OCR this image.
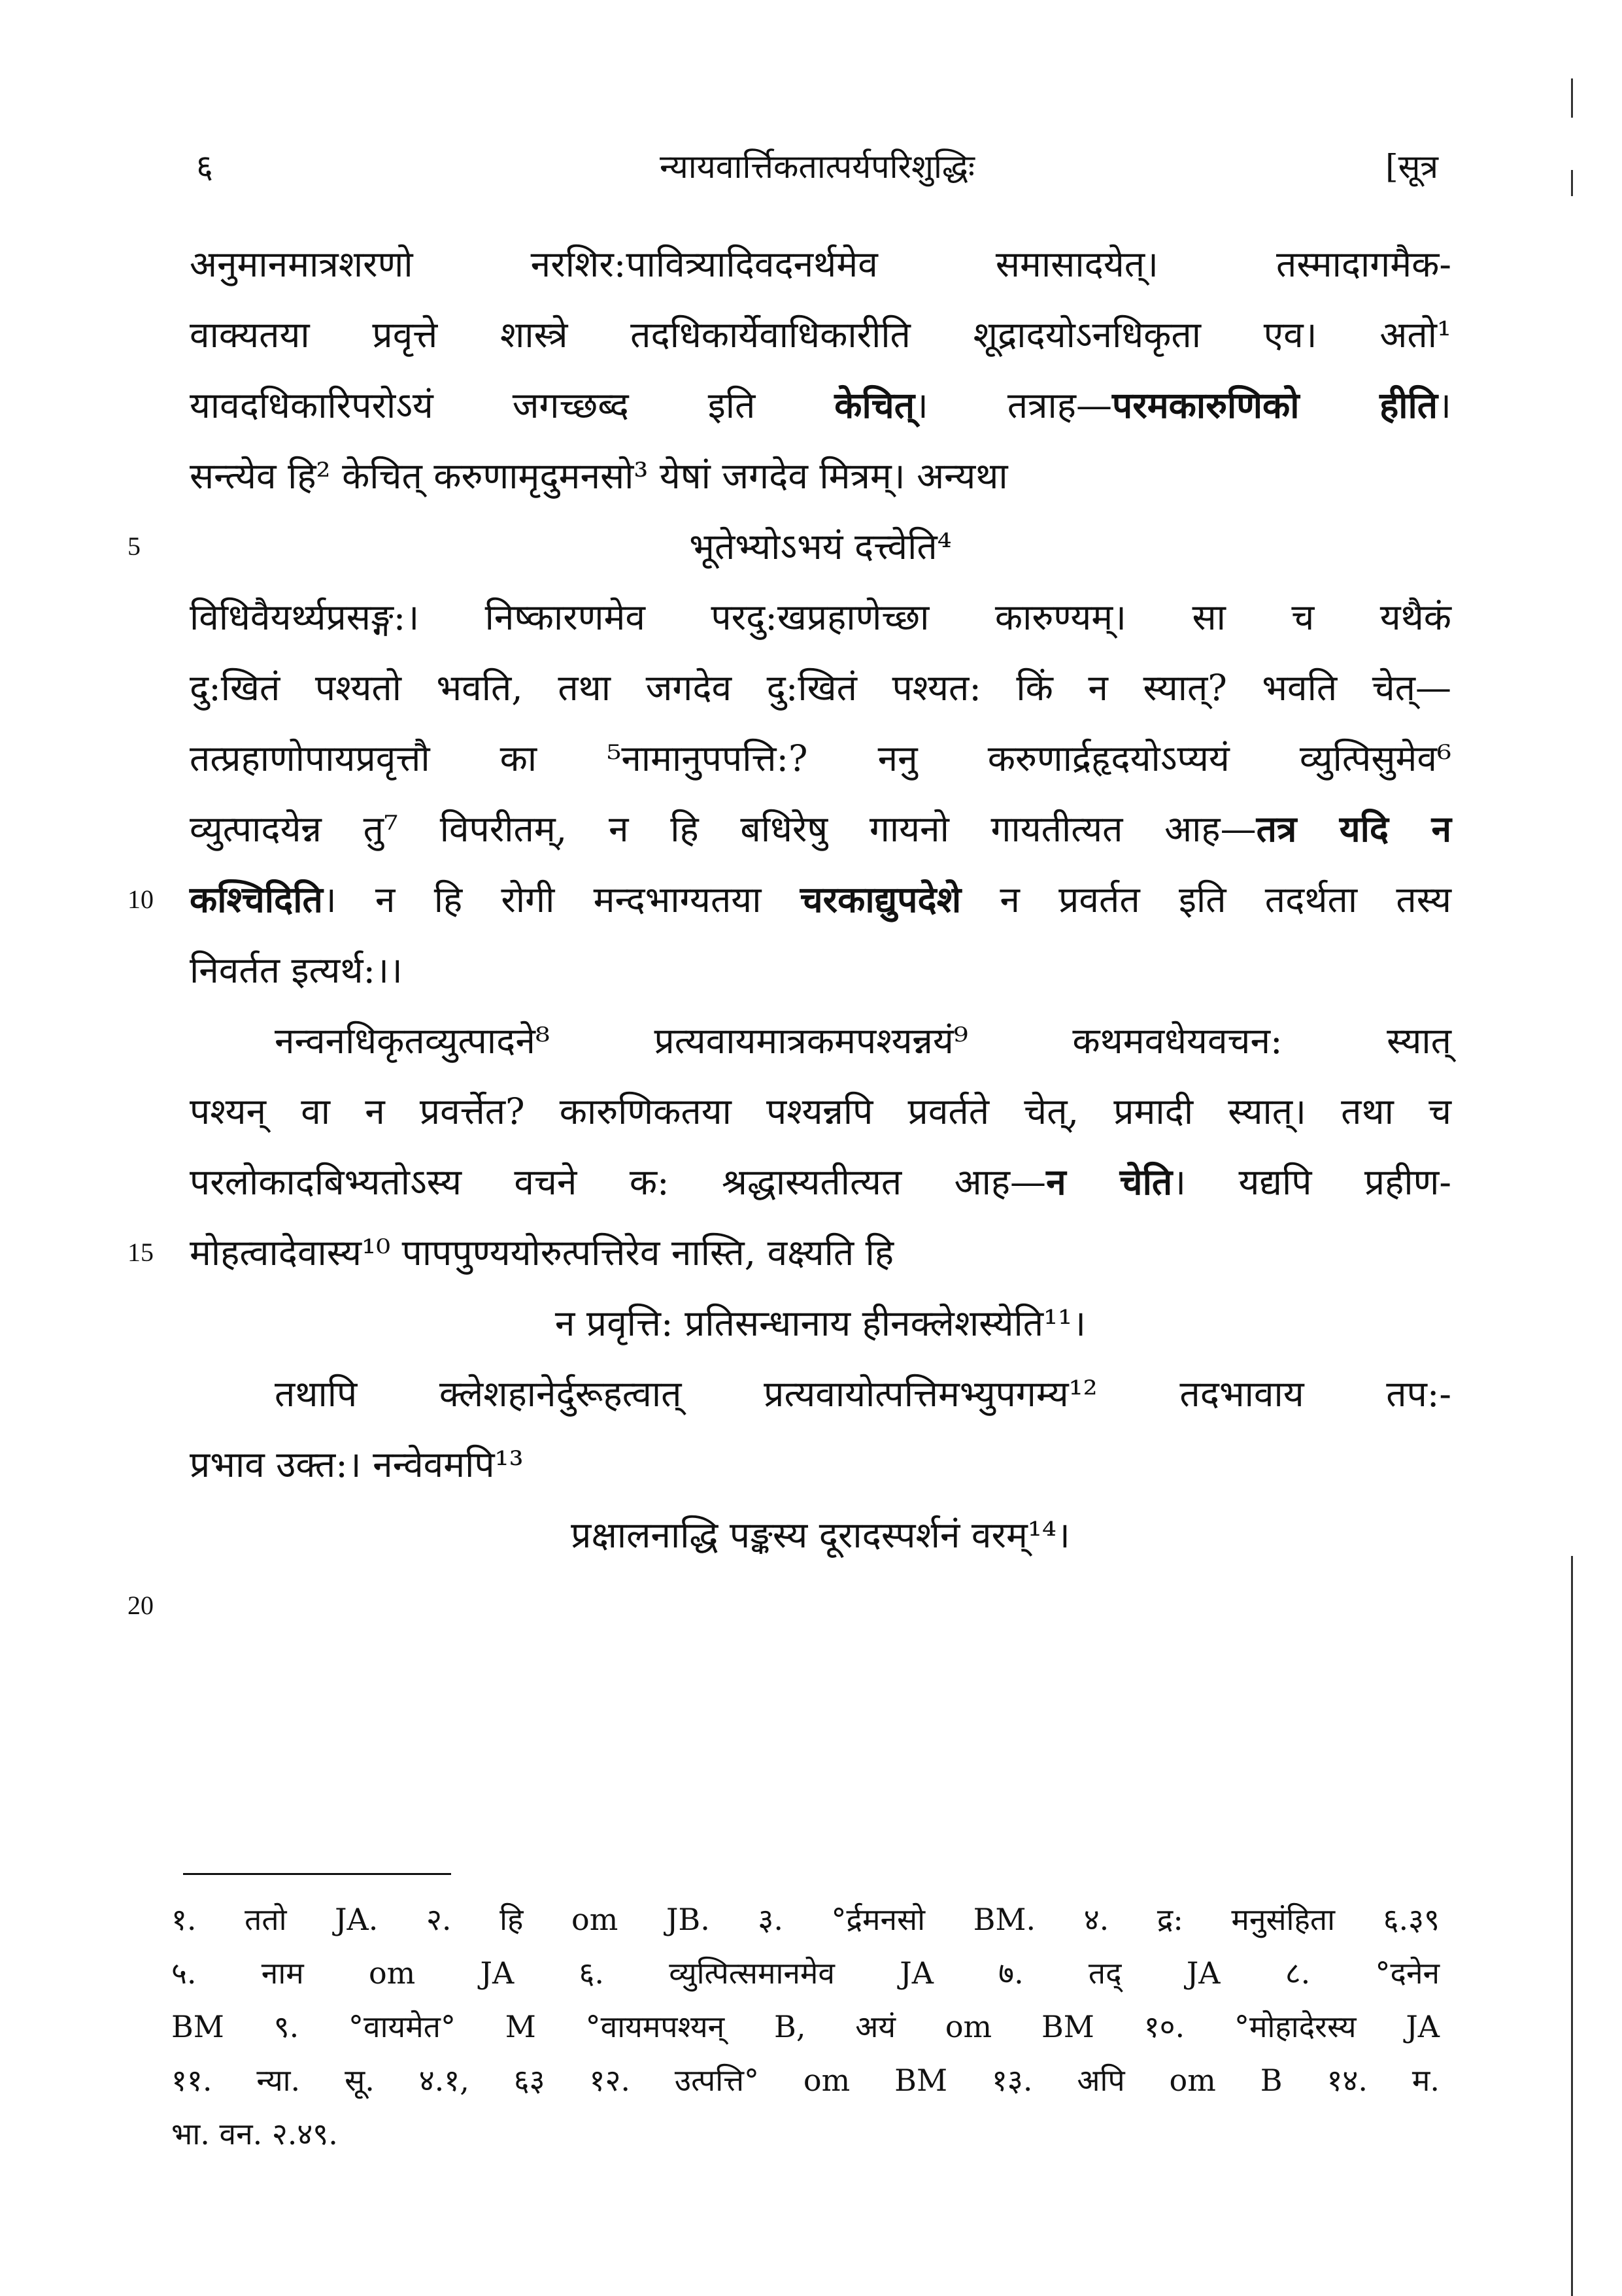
६	न्यायवार्त्तिकतात्पर्यपरिशुद्धिः	[सूत्र
अनुमानमात्रशरणो नरशिर:पावित्र्यादिवदनर्थमेव समासादयेत्। तस्मादागमैक-
वाक्यतया प्रवृत्ते शास्त्रे तदधिकार्येवाधिकारीति शूद्रादयोऽनधिकृता एव। अतो¹
यावदधिकारिपरोऽयं जगच्छब्द इति केचित्। तत्राह—परमकारुणिको हीति।
सन्त्येव हि² केचित् करुणामृदुमनसो³ येषां जगदेव मित्रम्। अन्यथा
5	भूतेभ्योऽभयं दत्त्वेति⁴
विधिवैयर्थ्यप्रसङ्ग:। निष्कारणमेव परदु:खप्रहाणेच्छा कारुण्यम्। सा च यथैकं
दु:खितं पश्यतो भवति, तथा जगदेव दु:खितं पश्यत: किं न स्यात्? भवति चेत्—
तत्प्रहाणोपायप्रवृत्तौ का ⁵नामानुपपत्ति:? ननु करुणार्द्रहृदयोऽप्ययं व्युत्पिसुमेव⁶
व्युत्पादयेन्न तु⁷ विपरीतम्, न हि बधिरेषु गायनो गायतीत्यत आह—तत्र यदि न
10 कश्चिदिति। न हि रोगी मन्दभाग्यतया चरकाद्युपदेशे न प्रवर्तत इति तदर्थता तस्य
निवर्तत इत्यर्थ:।।
नन्वनधिकृतव्युत्पादने⁸ प्रत्यवायमात्रकमपश्यन्नयं⁹ कथमवधेयवचन: स्यात्
पश्यन् वा न प्रवर्त्तेत? कारुणिकतया पश्यन्नपि प्रवर्तते चेत्, प्रमादी स्यात्। तथा च
परलोकादबिभ्यतोऽस्य वचने क: श्रद्धास्यतीत्यत आह—न चेति। यद्यपि प्रहीण-
15 मोहत्वादेवास्य¹⁰ पापपुण्ययोरुत्पत्तिरेव नास्ति, वक्ष्यति हि
न प्रवृत्ति: प्रतिसन्धानाय हीनक्लेशस्येति¹¹।
तथापि क्लेशहानेर्दुरूहत्वात् प्रत्यवायोत्पत्तिमभ्युपगम्य¹² तदभावाय तप:-
प्रभाव उक्त:। नन्वेवमपि¹³
प्रक्षालनाद्धि पङ्कस्य दूरादस्पर्शनं वरम्¹⁴।
20
१. ततो JA. २. हि om JB. ३. °र्द्रमनसो BM. ४. द्र: मनुसंहिता ६.३९
५. नाम om JA ६. व्युत्पित्समानमेव JA ७. तद् JA ८. °दनेन
BM ९. °वायमेत° M °वायमपश्यन् B, अयं om BM १०. °मोहादेरस्य JA
११. न्या. सू. ४.१, ६३ १२. उत्पत्ति° om BM १३. अपि om B १४. म.
भा. वन. २.४९.
